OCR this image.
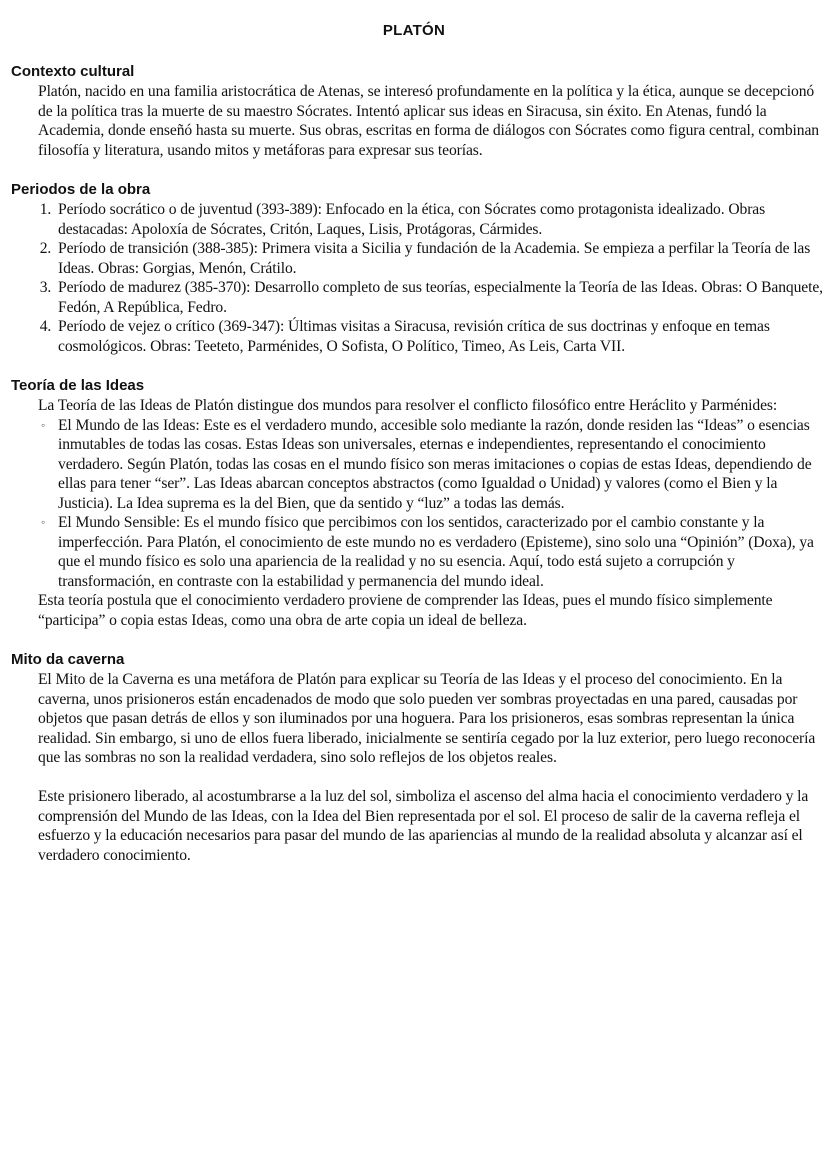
PLATÓN
Contexto cultural

Platón, nacido en una familia aristocrática de Atenas, se interesó profundamente en la política y la ética, aunque se decepcionó de la política tras la muerte de su maestro Sócrates. Intentó aplicar sus ideas en Siracusa, sin éxito. En Atenas, fundó la Academia, donde enseñó hasta su muerte. Sus obras, escritas en forma de diálogos con Sócrates como figura central, combinan filosofía y literatura, usando mitos y metáforas para expresar sus teorías.

Periodos de la obra
1. Período socrático o de juventud (393-389): Enfocado en la ética, con Sócrates como protagonista idealizado. Obras destacadas: Apoloxía de Sócrates, Critón, Laques, Lisis, Protágoras, Cármides.
2. Período de transición (388-385): Primera visita a Sicilia y fundación de la Academia. Se empieza a perfilar la Teoría de las Ideas. Obras: Gorgias, Menón, Crátilo.
3. Período de madurez (385-370): Desarrollo completo de sus teorías, especialmente la Teoría de las Ideas. Obras: O Banquete, Fedón, A República, Fedro.
4. Período de vejez o crítico (369-347): Últimas visitas a Siracusa, revisión crítica de sus doctrinas y enfoque en temas cosmológicos. Obras: Teeteto, Parménides, O Sofista, O Político, Timeo, As Leis, Carta VII.
Teoría de las Ideas

La Teoría de las Ideas de Platón distingue dos mundos para resolver el conflicto filosófico entre Heráclito y Parménides:

◦ El Mundo de las Ideas: Este es el verdadero mundo, accesible solo mediante la razón, donde residen las “Ideas” o esencias inmutables de todas las cosas. Estas Ideas son universales, eternas e independientes, representando el conocimiento verdadero. Según Platón, todas las cosas en el mundo físico son meras imitaciones o copias de estas Ideas, dependiendo de ellas para tener “ser”. Las Ideas abarcan conceptos abstractos (como Igualdad o Unidad) y valores (como el Bien y la Justicia). La Idea suprema es la del Bien, que da sentido y “luz” a todas las demás.
◦ El Mundo Sensible: Es el mundo físico que percibimos con los sentidos, caracterizado por el cambio constante y la imperfección. Para Platón, el conocimiento de este mundo no es verdadero (Episteme), sino solo una “Opinión” (Doxa), ya que el mundo físico es solo una apariencia de la realidad y no su esencia. Aquí, todo está sujeto a corrupción y transformación, en contraste con la estabilidad y permanencia del mundo ideal.

Esta teoría postula que el conocimiento verdadero proviene de comprender las Ideas, pues el mundo físico simplemente “participa” o copia estas Ideas, como una obra de arte copia un ideal de belleza.

Mito da caverna

El Mito de la Caverna es una metáfora de Platón para explicar su Teoría de las Ideas y el proceso del conocimiento. En la caverna, unos prisioneros están encadenados de modo que solo pueden ver sombras proyectadas en una pared, causadas por objetos que pasan detrás de ellos y son iluminados por una hoguera. Para los prisioneros, esas sombras representan la única realidad. Sin embargo, si uno de ellos fuera liberado, inicialmente se sentiría cegado por la luz exterior, pero luego reconocería que las sombras no son la realidad verdadera, sino solo reflejos de los objetos reales.

Este prisionero liberado, al acostumbrarse a la luz del sol, simboliza el ascenso del alma hacia el conocimiento verdadero y la comprensión del Mundo de las Ideas, con la Idea del Bien representada por el sol. El proceso de salir de la caverna refleja el esfuerzo y la educación necesarios para pasar del mundo de las apariencias al mundo de la realidad absoluta y alcanzar así el verdadero conocimiento.
